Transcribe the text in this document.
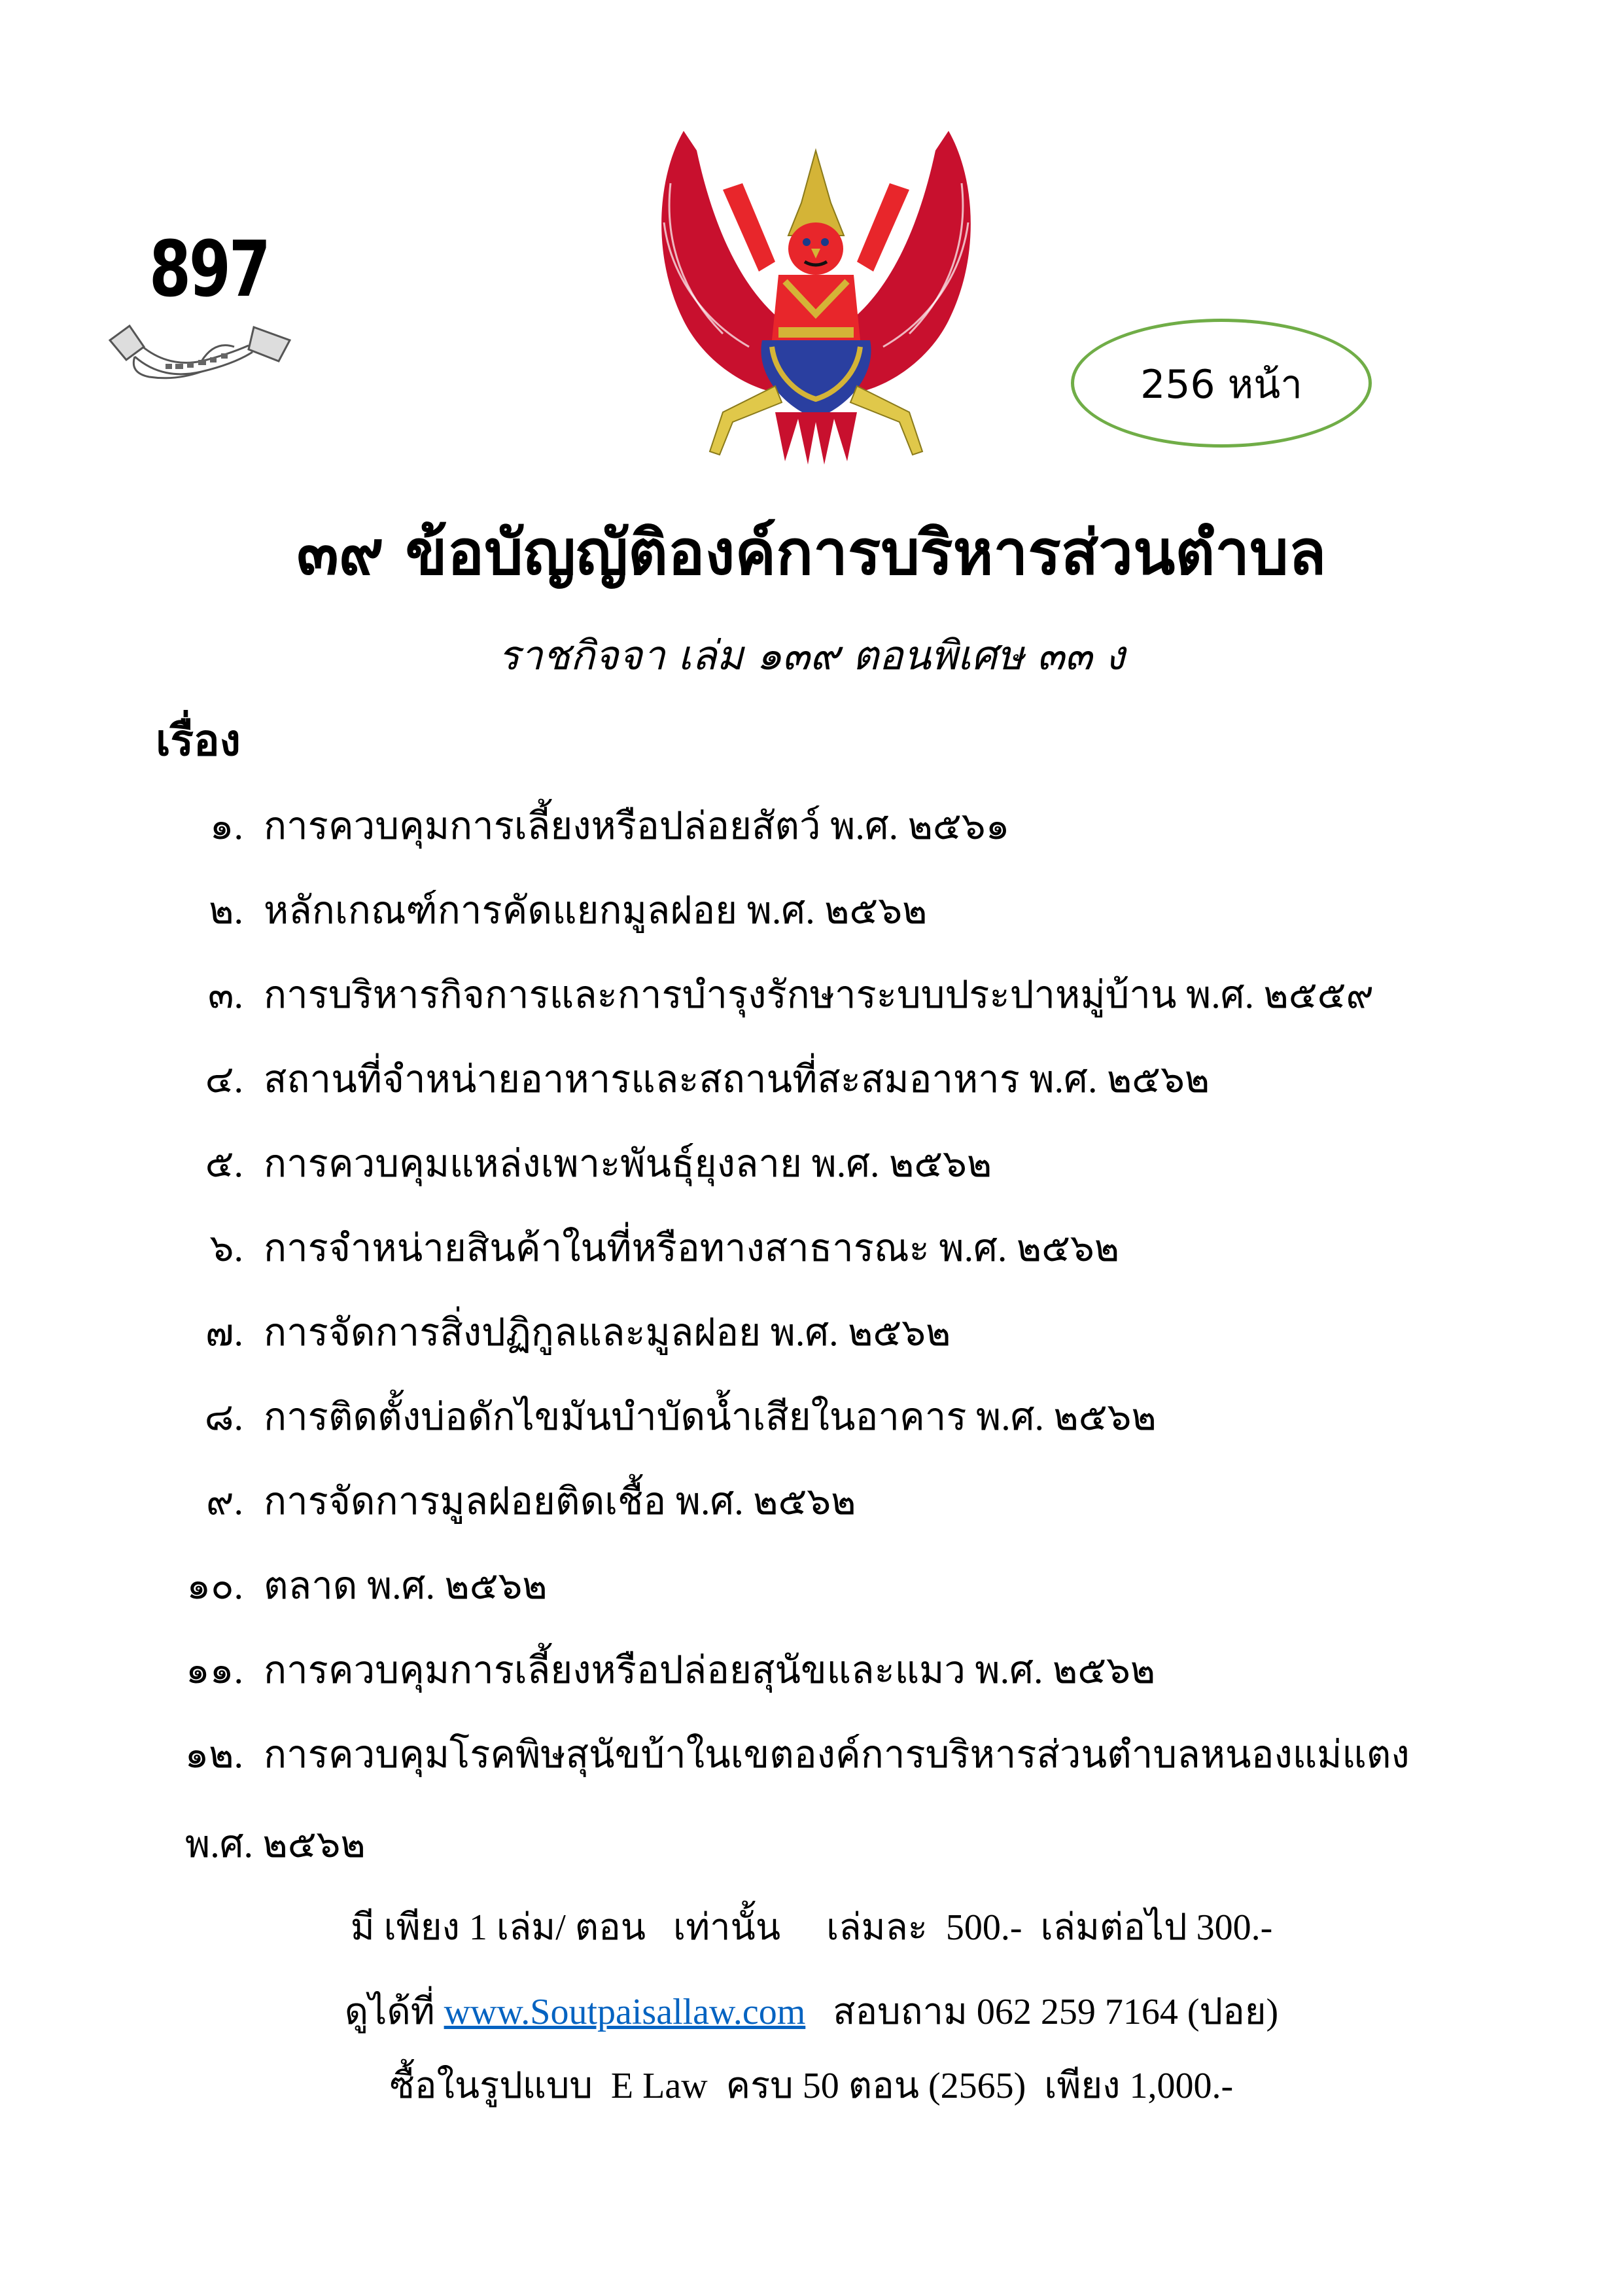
897
256 หน้า
๓๙ ข้อบัญญัติองค์การบริหารส่วนตำบล
ราชกิจจา เล่ม ๑๓๙ ตอนพิเศษ ๓๓ ง
เรื่อง
๑. การควบคุมการเลี้ยงหรือปล่อยสัตว์ พ.ศ. ๒๕๖๑
๒. หลักเกณฑ์การคัดแยกมูลฝอย พ.ศ. ๒๕๖๒
๓. การบริหารกิจการและการบำรุงรักษาระบบประปาหมู่บ้าน พ.ศ. ๒๕๕๙
๔. สถานที่จำหน่ายอาหารและสถานที่สะสมอาหาร พ.ศ. ๒๕๖๒
๕. การควบคุมแหล่งเพาะพันธุ์ยุงลาย พ.ศ. ๒๕๖๒
๖. การจำหน่ายสินค้าในที่หรือทางสาธารณะ พ.ศ. ๒๕๖๒
๗. การจัดการสิ่งปฏิกูลและมูลฝอย พ.ศ. ๒๕๖๒
๘. การติดตั้งบ่อดักไขมันบำบัดน้ำเสียในอาคาร พ.ศ. ๒๕๖๒
๙. การจัดการมูลฝอยติดเชื้อ พ.ศ. ๒๕๖๒
๑๐. ตลาด พ.ศ. ๒๕๖๒
๑๑. การควบคุมการเลี้ยงหรือปล่อยสุนัขและแมว พ.ศ. ๒๕๖๒
๑๒. การควบคุมโรคพิษสุนัขบ้าในเขตองค์การบริหารส่วนตำบลหนองแม่แตง
พ.ศ. ๒๕๖๒
มี เพียง 1 เล่ม/ ตอน   เท่านั้น     เล่มละ  500.-  เล่มต่อไป 300.-
ดูได้ที่ www.Soutpaisallaw.com   สอบถาม 062 259 7164 (ปอย)
ซื้อในรูปแบบ  E Law  ครบ 50 ตอน (2565)  เพียง 1,000.-
